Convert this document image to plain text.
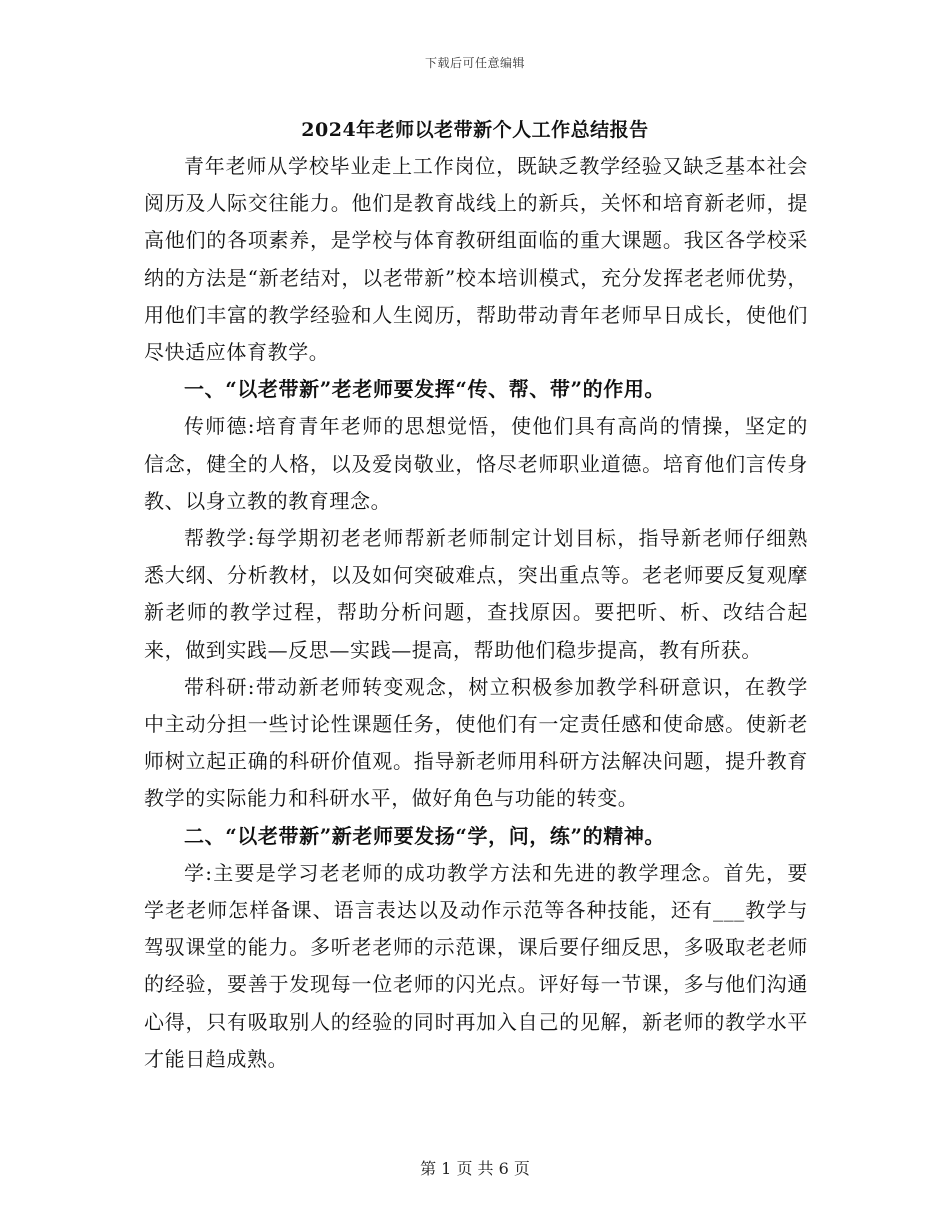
下载后可任意编辑
2024年老师以老带新个人工作总结报告

青年老师从学校毕业走上工作岗位，既缺乏教学经验又缺乏基本社会阅历及人际交往能力。他们是教育战线上的新兵，关怀和培育新老师，提高他们的各项素养，是学校与体育教研组面临的重大课题。我区各学校采纳的方法是“新老结对，以老带新”校本培训模式，充分发挥老老师优势，用他们丰富的教学经验和人生阅历，帮助带动青年老师早日成长，使他们尽快适应体育教学。

一、“以老带新”老老师要发挥“传、帮、带”的作用。

传师德:培育青年老师的思想觉悟，使他们具有高尚的情操，坚定的信念，健全的人格，以及爱岗敬业，恪尽老师职业道德。培育他们言传身教、以身立教的教育理念。

帮教学:每学期初老老师帮新老师制定计划目标，指导新老师仔细熟悉大纲、分析教材，以及如何突破难点，突出重点等。老老师要反复观摩新老师的教学过程，帮助分析问题，查找原因。要把听、析、改结合起来，做到实践—反思—实践—提高，帮助他们稳步提高，教有所获。

带科研:带动新老师转变观念，树立积极参加教学科研意识，在教学中主动分担一些讨论性课题任务，使他们有一定责任感和使命感。使新老师树立起正确的科研价值观。指导新老师用科研方法解决问题，提升教育教学的实际能力和科研水平，做好角色与功能的转变。

二、“以老带新”新老师要发扬“学，问，练”的精神。

学:主要是学习老老师的成功教学方法和先进的教学理念。首先，要学老老师怎样备课、语言表达以及动作示范等各种技能，还有___教学与驾驭课堂的能力。多听老老师的示范课，课后要仔细反思，多吸取老老师的经验，要善于发现每一位老师的闪光点。评好每一节课，多与他们沟通心得，只有吸取别人的经验的同时再加入自己的见解，新老师的教学水平才能日趋成熟。

第 1 页 共 6 页
